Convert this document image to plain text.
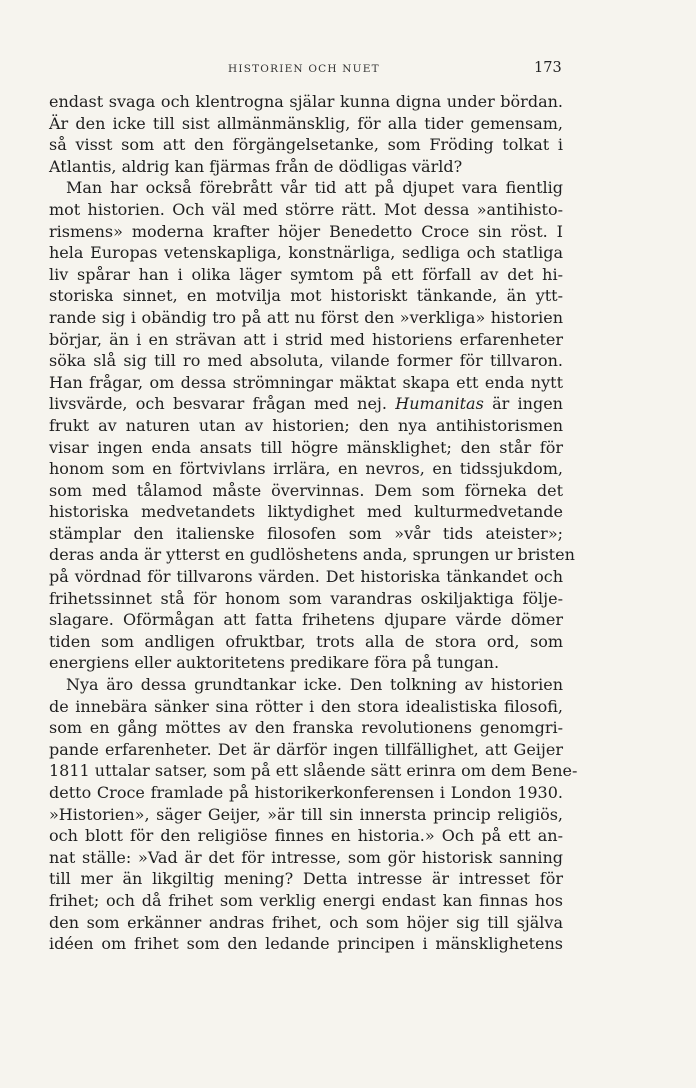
HISTORIEN OCH NUET	173
endast svaga och klentrogna själar kunna digna under bördan.
Är den icke till sist allmänmänsklig, för alla tider gemensam,
så visst som att den förgängelsetanke, som Fröding tolkat i
Atlantis, aldrig kan fjärmas från de dödligas värld?
Man har också förebrått vår tid att på djupet vara fientlig
mot historien. Och väl med större rätt. Mot dessa »antihisto-
rismens» moderna krafter höjer Benedetto Croce sin röst. I
hela Europas vetenskapliga, konstnärliga, sedliga och statliga
liv spårar han i olika läger symtom på ett förfall av det hi-
storiska sinnet, en motvilja mot historiskt tänkande, än ytt-
rande sig i obändig tro på att nu först den »verkliga» historien
börjar, än i en strävan att i strid med historiens erfarenheter
söka slå sig till ro med absoluta, vilande former för tillvaron.
Han frågar, om dessa strömningar mäktat skapa ett enda nytt
livsvärde, och besvarar frågan med nej. Humanitas är ingen
frukt av naturen utan av historien; den nya antihistorismen
visar ingen enda ansats till högre mänsklighet; den står för
honom som en förtvivlans irrlära, en nevros, en tidssjukdom,
som med tålamod måste övervinnas. Dem som förneka det
historiska medvetandets liktydighet med kulturmedvetande
stämplar den italienske filosofen som »vår tids ateister»;
deras anda är ytterst en gudlöshetens anda, sprungen ur bristen
på vördnad för tillvarons värden. Det historiska tänkandet och
frihetssinnet stå för honom som varandras oskiljaktiga följe-
slagare. Oförmågan att fatta frihetens djupare värde dömer
tiden som andligen ofruktbar, trots alla de stora ord, som
energiens eller auktoritetens predikare föra på tungan.
Nya äro dessa grundtankar icke. Den tolkning av historien
de innebära sänker sina rötter i den stora idealistiska filosofi,
som en gång möttes av den franska revolutionens genomgri-
pande erfarenheter. Det är därför ingen tillfällighet, att Geijer
1811 uttalar satser, som på ett slående sätt erinra om dem Bene-
detto Croce framlade på historikerkonferensen i London 1930.
»Historien», säger Geijer, »är till sin innersta princip religiös,
och blott för den religiöse finnes en historia.» Och på ett an-
nat ställe: »Vad är det för intresse, som gör historisk sanning
till mer än likgiltig mening? Detta intresse är intresset för
frihet; och då frihet som verklig energi endast kan finnas hos
den som erkänner andras frihet, och som höjer sig till själva
idéen om frihet som den ledande principen i mänsklighetens
